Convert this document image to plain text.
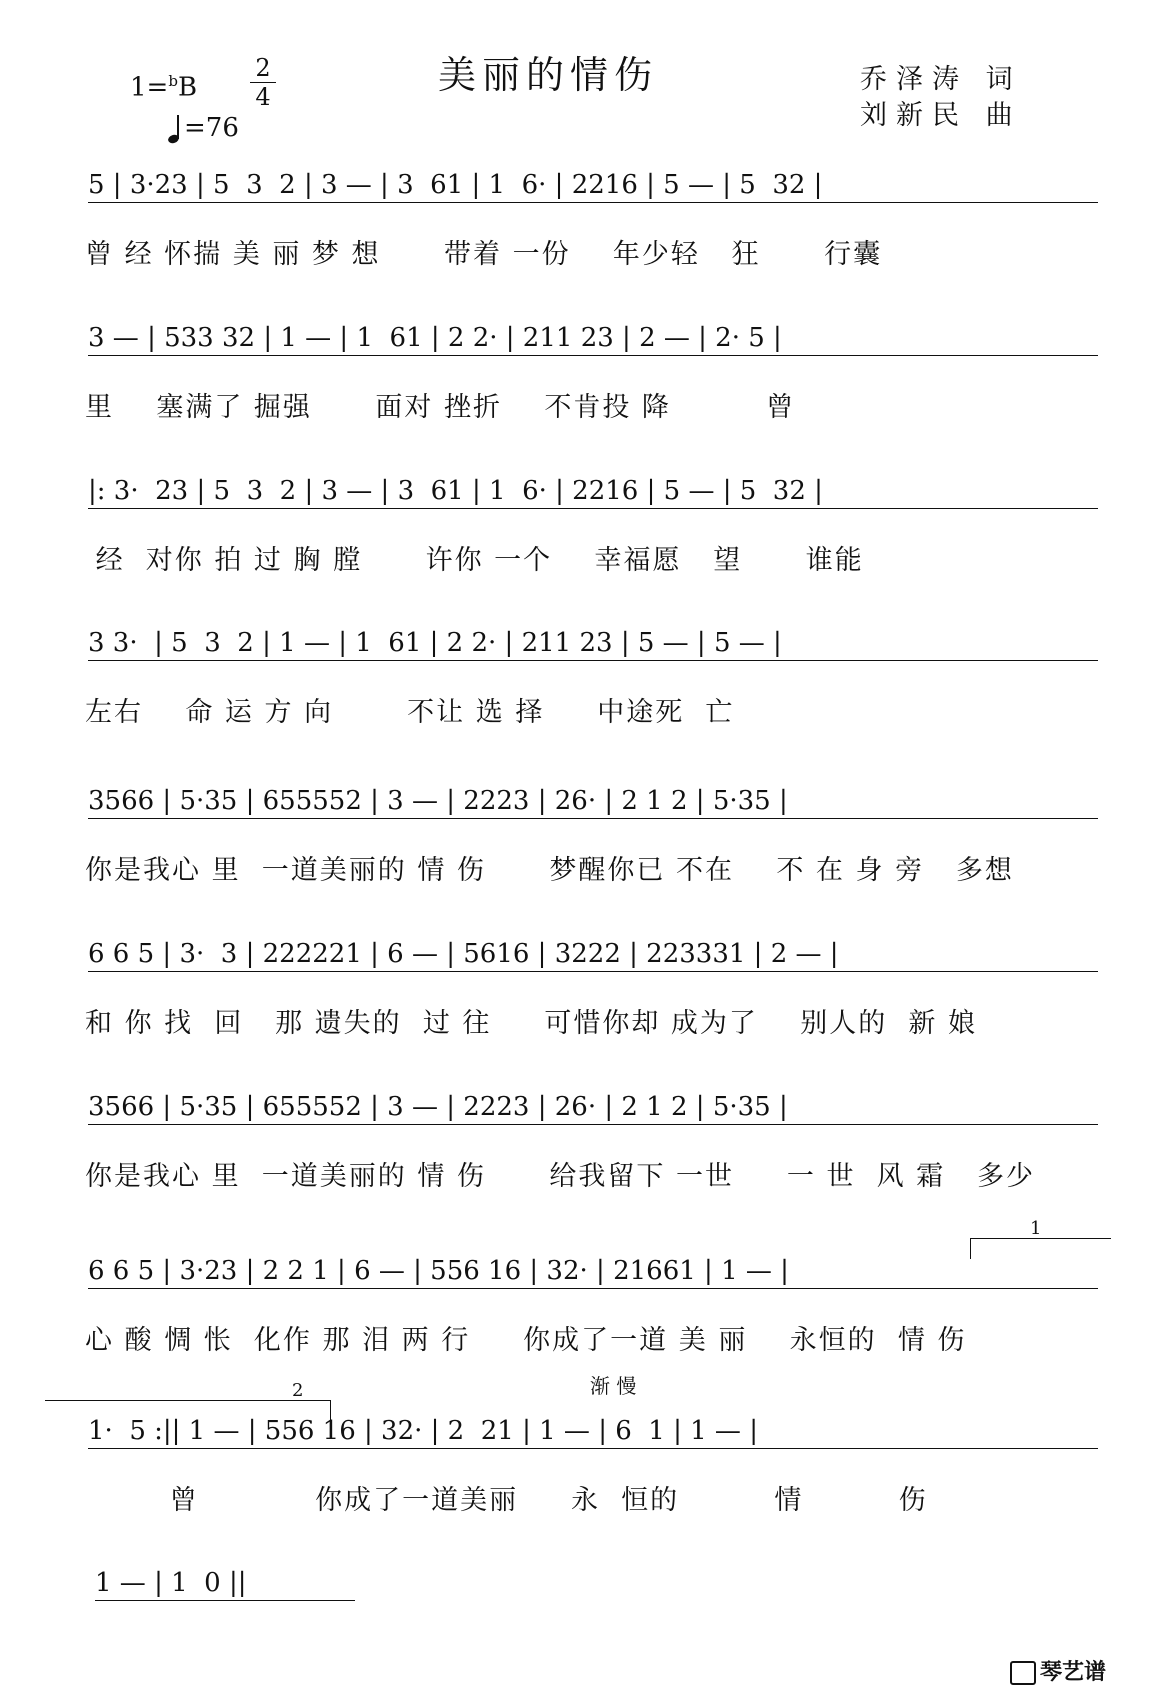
1=$^b$B
2
4
=76
美丽的情伤	乔泽涛 词
刘新民 曲
5 | 3·23 | 5  3  2 | 3 — | 3  61 | 1  6· | 2216 | 5 — | 5  32 |
曾 经 怀揣 美 丽 梦 想      带着 一份    年少轻   狂      行囊
3 — | 533 32 | 1 — | 1  61 | 2 2· | 211 23 | 2 — | 2· 5 |
里    塞满了 掘强      面对 挫折    不肯投 降         曾
|: 3·  23 | 5  3  2 | 3 — | 3  61 | 1  6· | 2216 | 5 — | 5  32 |
经  对你 拍 过 胸 膛      许你 一个    幸福愿   望      谁能
3 3·  | 5  3  2 | 1 — | 1  61 | 2 2· | 211 23 | 5 — | 5 — |
左右    命 运 方 向       不让 选 择     中途死  亡
3566 | 5·35 | 655552 | 3 — | 2223 | 26· | 2 1 2 | 5·35 |
你是我心 里  一道美丽的 情 伤      梦醒你已 不在    不 在 身 旁   多想
6 6 5 | 3·  3 | 222221 | 6 — | 5616 | 3222 | 223331 | 2 — |
和 你 找  回   那 遗失的  过 往     可惜你却 成为了    别人的  新 娘
3566 | 5·35 | 655552 | 3 — | 2223 | 26· | 2 1 2 | 5·35 |
你是我心 里  一道美丽的 情 伤      给我留下 一世     一 世  风 霜   多少
6 6 5 | 3·23 | 2 2 1 | 6 — | 556 16 | 32· | 21661 | 1 — |
心 酸 惆 怅  化作 那 泪 两 行     你成了一道 美 丽    永恒的  情 伤
1
渐 慢
2
1·  5 :|| 1 — | 556 16 | 32· | 2  21 | 1 — | 6  1 | 1 — |
曾           你成了一道美丽     永  恒的         情         伤
1 — | 1  0 ||
琴艺谱
